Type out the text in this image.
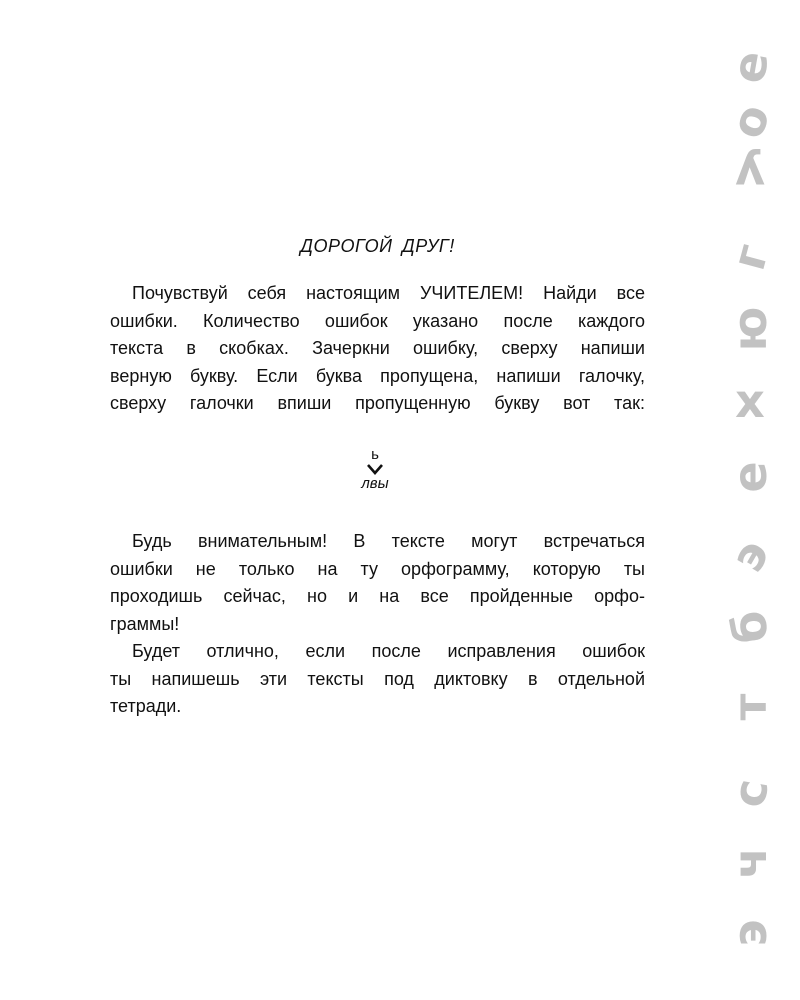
ДОРОГОЙ ДРУГ!
Почувствуй себя настоящим УЧИТЕЛЕМ! Найди все
ошибки. Количество ошибок указано после каждого
текста в скобках. Зачеркни ошибку, сверху напиши
верную букву. Если буква пропущена, напиши галочку,
сверху галочки впиши пропущенную букву вот так:
ь
лвы
Будь внимательным! В тексте могут встречаться
ошибки не только на ту орфограмму, которую ты
проходишь сейчас, но и на все пройденные орфо-
граммы!
Будет отлично, если после исправления ошибок
ты напишешь эти тексты под диктовку в отдельной
тетради.
е
о
у
г
ю
х
е
э
б
т
с
ч
э
